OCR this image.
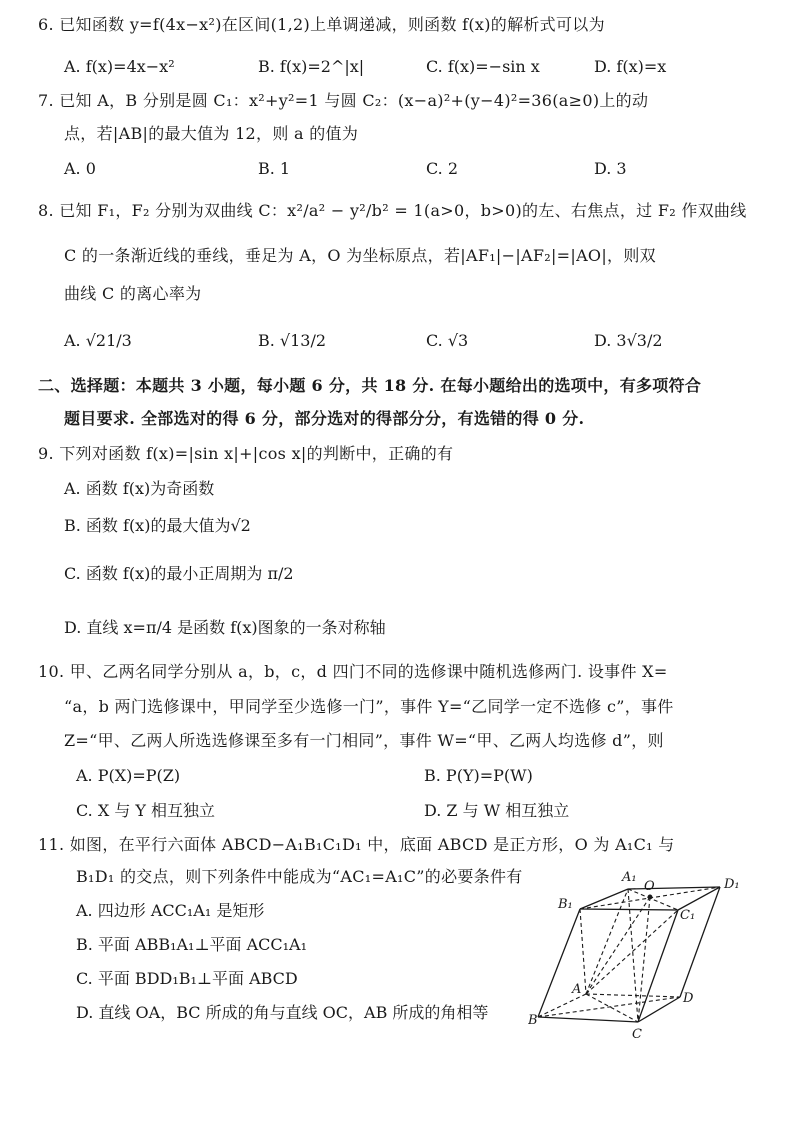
6. 已知函数 y=f(4x−x²)在区间(1,2)上单调递减，则函数 f(x)的解析式可以为
A. f(x)=4x−x²	B. f(x)=2^|x|	C. f(x)=−sin x	D. f(x)=x
7. 已知 A，B 分别是圆 C₁：x²+y²=1 与圆 C₂：(x−a)²+(y−4)²=36(a≥0)上的动
点，若|AB|的最大值为 12，则 a 的值为
A. 0	B. 1	C. 2	D. 3
8. 已知 F₁，F₂ 分别为双曲线 C：x²/a² − y²/b² = 1(a>0，b>0)的左、右焦点，过 F₂ 作双曲线
C 的一条渐近线的垂线，垂足为 A，O 为坐标原点，若|AF₁|−|AF₂|=|AO|，则双
曲线 C 的离心率为
A. √21/3	B. √13/2	C. √3	D. 3√3/2
二、选择题：本题共 3 小题，每小题 6 分，共 18 分. 在每小题给出的选项中，有多项符合
题目要求. 全部选对的得 6 分，部分选对的得部分分，有选错的得 0 分.
9. 下列对函数 f(x)=|sin x|+|cos x|的判断中，正确的有
A. 函数 f(x)为奇函数
B. 函数 f(x)的最大值为√2
C. 函数 f(x)的最小正周期为 π/2
D. 直线 x=π/4 是函数 f(x)图象的一条对称轴
10. 甲、乙两名同学分别从 a，b，c，d 四门不同的选修课中随机选修两门. 设事件 X=
“a，b 两门选修课中，甲同学至少选修一门”，事件 Y=“乙同学一定不选修 c”，事件
Z=“甲、乙两人所选选修课至多有一门相同”，事件 W=“甲、乙两人均选修 d”，则
A. P(X)=P(Z)	B. P(Y)=P(W)
C. X 与 Y 相互独立	D. Z 与 W 相互独立
11. 如图，在平行六面体 ABCD−A₁B₁C₁D₁ 中，底面 ABCD 是正方形，O 为 A₁C₁ 与
B₁D₁ 的交点，则下列条件中能成为“AC₁=A₁C”的必要条件有
A. 四边形 ACC₁A₁ 是矩形
B. 平面 ABB₁A₁⊥平面 ACC₁A₁
C. 平面 BDD₁B₁⊥平面 ABCD
D. 直线 OA，BC 所成的角与直线 OC，AB 所成的角相等
A₁
O	D₁
B₁
C₁
A
D
B
C
